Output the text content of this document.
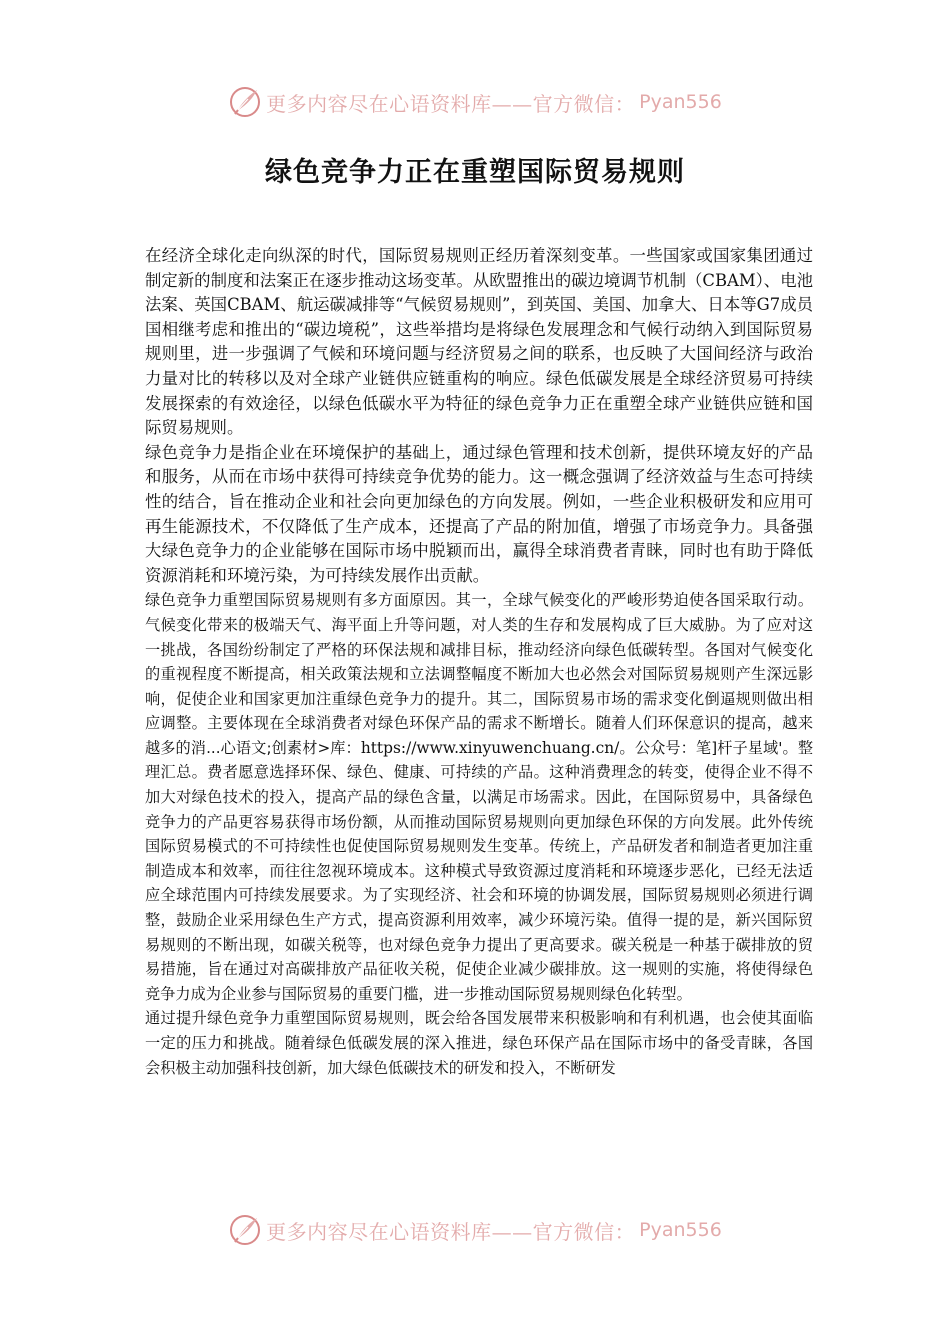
更多内容尽在心语资料库——官方微信： Pyan556
绿色竞争力正在重塑国际贸易规则

在经济全球化走向纵深的时代，国际贸易规则正经历着深刻变革。一些国家或国家集团通过制定新的制度和法案正在逐步推动这场变革。从欧盟推出的碳边境调节机制（CBAM）、电池法案、英国CBAM、航运碳减排等“气候贸易规则”，到英国、美国、加拿大、日本等G7成员国相继考虑和推出的“碳边境税”，这些举措均是将绿色发展理念和气候行动纳入到国际贸易规则里，进一步强调了气候和环境问题与经济贸易之间的联系，也反映了大国间经济与政治力量对比的转移以及对全球产业链供应链重构的响应。绿色低碳发展是全球经济贸易可持续发展探索的有效途径，以绿色低碳水平为特征的绿色竞争力正在重塑全球产业链供应链和国际贸易规则。

绿色竞争力是指企业在环境保护的基础上，通过绿色管理和技术创新，提供环境友好的产品和服务，从而在市场中获得可持续竞争优势的能力。这一概念强调了经济效益与生态可持续性的结合，旨在推动企业和社会向更加绿色的方向发展。例如，一些企业积极研发和应用可再生能源技术，不仅降低了生产成本，还提高了产品的附加值，增强了市场竞争力。具备强大绿色竞争力的企业能够在国际市场中脱颖而出，赢得全球消费者青睐，同时也有助于降低资源消耗和环境污染，为可持续发展作出贡献。

绿色竞争力重塑国际贸易规则有多方面原因。其一，全球气候变化的严峻形势迫使各国采取行动。气候变化带来的极端天气、海平面上升等问题，对人类的生存和发展构成了巨大威胁。为了应对这一挑战，各国纷纷制定了严格的环保法规和减排目标，推动经济向绿色低碳转型。各国对气候变化的重视程度不断提高，相关政策法规和立法调整幅度不断加大也必然会对国际贸易规则产生深远影响，促使企业和国家更加注重绿色竞争力的提升。其二，国际贸易市场的需求变化倒逼规则做出相应调整。主要体现在全球消费者对绿色环保产品的需求不断增长。随着人们环保意识的提高，越来越多的消...心语文;创素材>库：https://www.xinyuwenchuang.cn/。公众号：笔]杆子星域'。整理汇总。费者愿意选择环保、绿色、健康、可持续的产品。这种消费理念的转变，使得企业不得不加大对绿色技术的投入，提高产品的绿色含量，以满足市场需求。因此，在国际贸易中，具备绿色竞争力的产品更容易获得市场份额，从而推动国际贸易规则向更加绿色环保的方向发展。此外传统国际贸易模式的不可持续性也促使国际贸易规则发生变革。传统上，产品研发者和制造者更加注重制造成本和效率，而往往忽视环境成本。这种模式导致资源过度消耗和环境逐步恶化，已经无法适应全球范围内可持续发展要求。为了实现经济、社会和环境的协调发展，国际贸易规则必须进行调整，鼓励企业采用绿色生产方式，提高资源利用效率，减少环境污染。值得一提的是，新兴国际贸易规则的不断出现，如碳关税等，也对绿色竞争力提出了更高要求。碳关税是一种基于碳排放的贸易措施，旨在通过对高碳排放产品征收关税，促使企业减少碳排放。这一规则的实施，将使得绿色竞争力成为企业参与国际贸易的重要门槛，进一步推动国际贸易规则绿色化转型。

通过提升绿色竞争力重塑国际贸易规则，既会给各国发展带来积极影响和有利机遇，也会使其面临一定的压力和挑战。随着绿色低碳发展的深入推进，绿色环保产品在国际市场中的备受青睐，各国会积极主动加强科技创新，加大绿色低碳技术的研发和投入，不断研发

更多内容尽在心语资料库——官方微信： Pyan556
